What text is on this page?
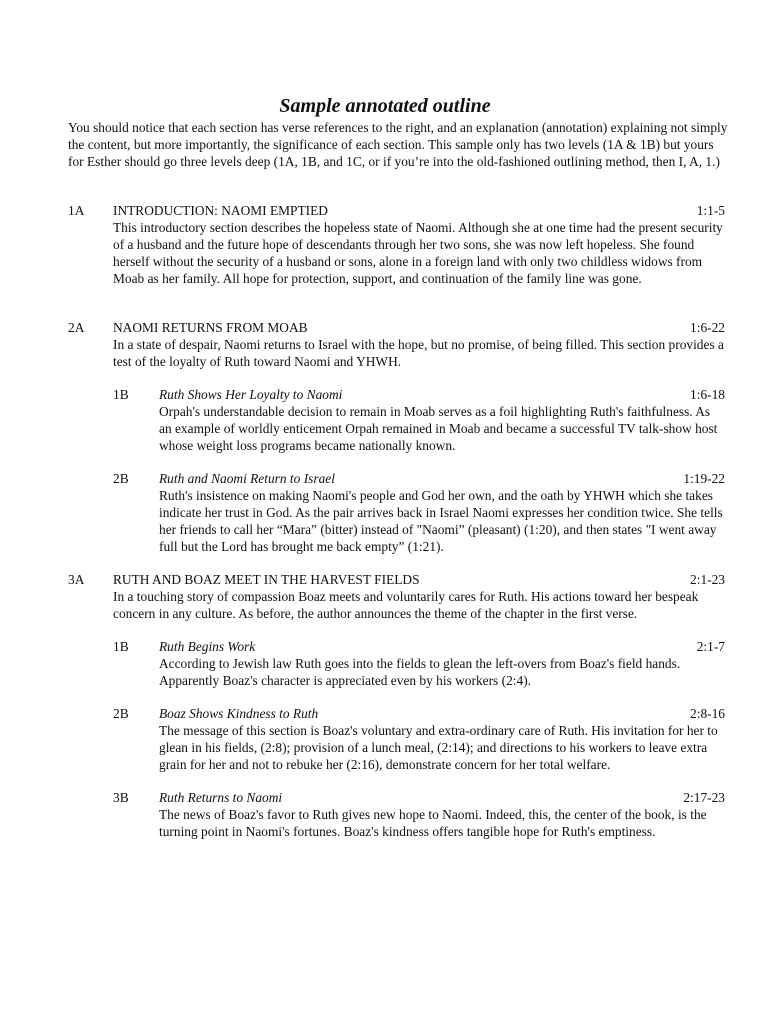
Sample annotated outline
You should notice that each section has verse references to the right, and an explanation (annotation) explaining not simply the content, but more importantly, the significance of each section. This sample only has two levels (1A & 1B) but yours for Esther should go three levels deep (1A, 1B, and 1C, or if you’re into the old-fashioned outlining method, then I, A, 1.)
1A INTRODUCTION: NAOMI EMPTIED	1:1-5
This introductory section describes the hopeless state of Naomi. Although she at one time had the present security of a husband and the future hope of descendants through her two sons, she was now left hopeless. She found herself without the security of a husband or sons, alone in a foreign land with only two childless widows from Moab as her family. All hope for protection, support, and continuation of the family line was gone.
2A NAOMI RETURNS FROM MOAB	1:6-22
In a state of despair, Naomi returns to Israel with the hope, but no promise, of being filled. This section provides a test of the loyalty of Ruth toward Naomi and YHWH.
1B Ruth Shows Her Loyalty to Naomi	1:6-18
Orpah's understandable decision to remain in Moab serves as a foil highlighting Ruth's faithfulness. As an example of worldly enticement Orpah remained in Moab and became a successful TV talk-show host whose weight loss programs became nationally known.
2B Ruth and Naomi Return to Israel	1:19-22
Ruth's insistence on making Naomi's people and God her own, and the oath by YHWH which she takes indicate her trust in God. As the pair arrives back in Israel Naomi expresses her condition twice. She tells her friends to call her “Mara” (bitter) instead of "Naomi” (pleasant) (1:20), and then states "I went away full but the Lord has brought me back empty” (1:21).
3A RUTH AND BOAZ MEET IN THE HARVEST FIELDS	2:1-23
In a touching story of compassion Boaz meets and voluntarily cares for Ruth. His actions toward her bespeak concern in any culture. As before, the author announces the theme of the chapter in the first verse.
1B Ruth Begins Work	2:1-7
According to Jewish law Ruth goes into the fields to glean the left-overs from Boaz's field hands. Apparently Boaz's character is appreciated even by his workers (2:4).
2B Boaz Shows Kindness to Ruth	2:8-16
The message of this section is Boaz's voluntary and extra-ordinary care of Ruth. His invitation for her to glean in his fields, (2:8); provision of a lunch meal, (2:14); and directions to his workers to leave extra grain for her and not to rebuke her (2:16), demonstrate concern for her total welfare.
3B Ruth Returns to Naomi	2:17-23
The news of Boaz's favor to Ruth gives new hope to Naomi. Indeed, this, the center of the book, is the turning point in Naomi's fortunes. Boaz's kindness offers tangible hope for Ruth's emptiness.
